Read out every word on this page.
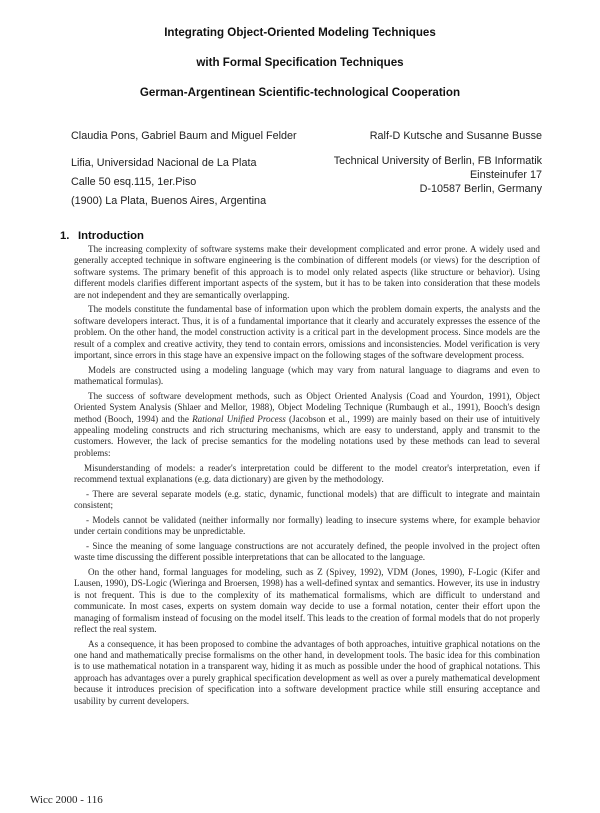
Integrating Object-Oriented Modeling Techniques
with Formal Specification Techniques
German-Argentinean Scientific-technological Cooperation
Claudia Pons, Gabriel Baum and Miguel Felder
Lifia, Universidad Nacional de La Plata
Calle 50 esq.115, 1er.Piso
(1900) La Plata, Buenos Aires, Argentina
Ralf-D Kutsche and Susanne Busse
Technical University of Berlin, FB Informatik
Einsteinufer 17
D-10587 Berlin, Germany
1. Introduction

The increasing complexity of software systems make their development complicated and error prone. A widely used and generally accepted technique in software engineering is the combination of different models (or views) for the description of software systems. The primary benefit of this approach is to model only related aspects (like structure or behavior). Using different models clarifies different important aspects of the system, but it has to be taken into consideration that these models are not independent and they are semantically overlapping.

The models constitute the fundamental base of information upon which the problem domain experts, the analysts and the software developers interact. Thus, it is of a fundamental importance that it clearly and accurately expresses the essence of the problem. On the other hand, the model construction activity is a critical part in the development process. Since models are the result of a complex and creative activity, they tend to contain errors, omissions and inconsistencies. Model verification is very important, since errors in this stage have an expensive impact on the following stages of the software development process.

Models are constructed using a modeling language (which may vary from natural language to diagrams and even to mathematical formulas).

The success of software development methods, such as Object Oriented Analysis (Coad and Yourdon, 1991), Object Oriented System Analysis (Shlaer and Mellor, 1988), Object Modeling Technique (Rumbaugh et al., 1991), Booch's design method (Booch, 1994) and the Rational Unified Process (Jacobson et al., 1999) are mainly based on their use of intuitively appealing modeling constructs and rich structuring mechanisms, which are easy to understand, apply and transmit to the customers. However, the lack of precise semantics for the modeling notations used by these methods can lead to several problems:

Misunderstanding of models: a reader's interpretation could be different to the model creator's interpretation, even if recommend textual explanations (e.g. data dictionary) are given by the methodology.

- There are several separate models (e.g. static, dynamic, functional models) that are difficult to integrate and maintain consistent;

- Models cannot be validated (neither informally nor formally) leading to insecure systems where, for example behavior under certain conditions may be unpredictable.

- Since the meaning of some language constructions are not accurately defined, the people involved in the project often waste time discussing the different possible interpretations that can be allocated to the language.

On the other hand, formal languages for modeling, such as Z (Spivey, 1992), VDM (Jones, 1990), F-Logic (Kifer and Lausen, 1990), DS-Logic (Wieringa and Broersen, 1998) has a well-defined syntax and semantics. However, its use in industry is not frequent. This is due to the complexity of its mathematical formalisms, which are difficult to understand and communicate. In most cases, experts on system domain way decide to use a formal notation, center their effort upon the managing of formalism instead of focusing on the model itself. This leads to the creation of formal models that do not properly reflect the real system.

As a consequence, it has been proposed to combine the advantages of both approaches, intuitive graphical notations on the one hand and mathematically precise formalisms on the other hand, in development tools. The basic idea for this combination is to use mathematical notation in a transparent way, hiding it as much as possible under the hood of graphical notations. This approach has advantages over a purely graphical specification development as well as over a purely mathematical development because it introduces precision of specification into a software development practice while still ensuring acceptance and usability by current developers.

Wicc 2000 - 116
